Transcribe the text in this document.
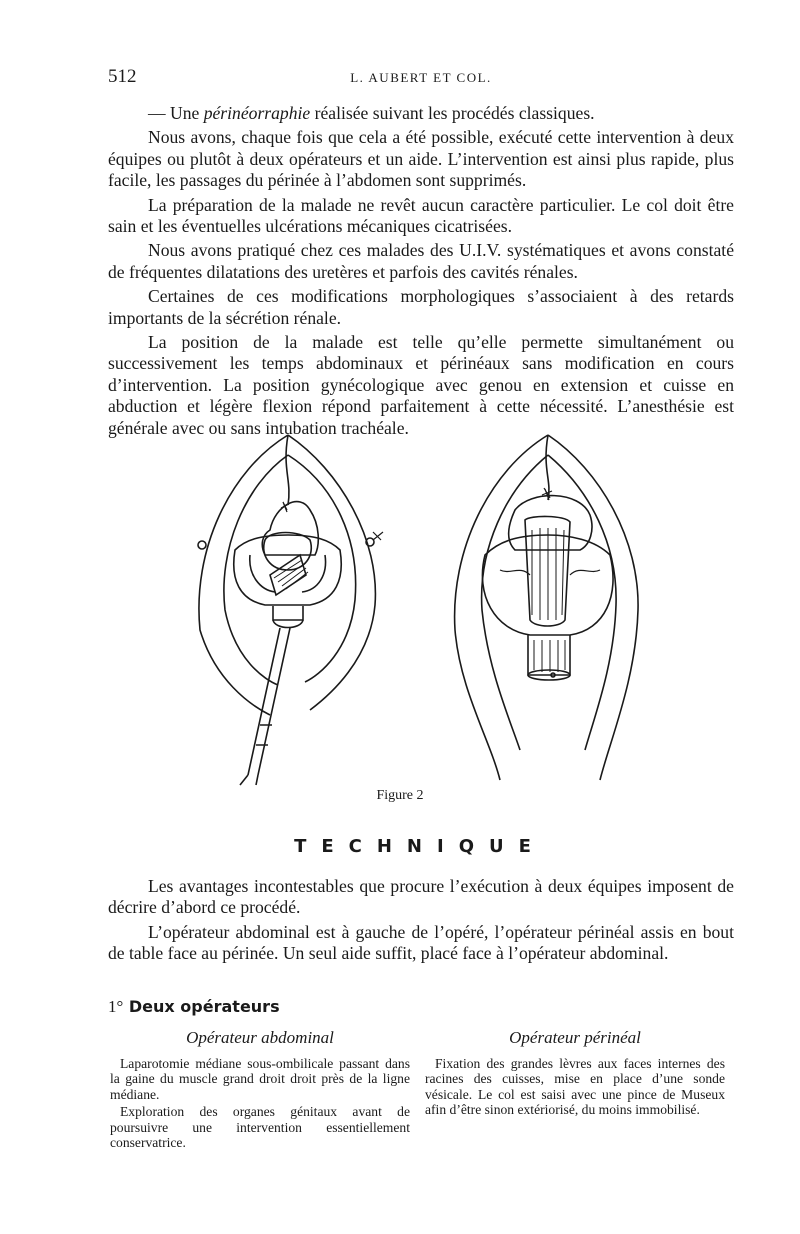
512	L. AUBERT ET COL.

— Une périnéorraphie réalisée suivant les procédés classiques.

Nous avons, chaque fois que cela a été possible, exécuté cette intervention à deux équipes ou plutôt à deux opérateurs et un aide. L’intervention est ainsi plus rapide, plus facile, les passages du périnée à l’abdomen sont supprimés.

La préparation de la malade ne revêt aucun caractère particulier. Le col doit être sain et les éventuelles ulcérations mécaniques cicatrisées.

Nous avons pratiqué chez ces malades des U.I.V. systématiques et avons constaté de fréquentes dilatations des uretères et parfois des cavités rénales.

Certaines de ces modifications morphologiques s’associaient à des retards importants de la sécrétion rénale.

La position de la malade est telle qu’elle permette simultanément ou successivement les temps abdominaux et périnéaux sans modification en cours d’intervention. La position gynécologique avec genou en extension et cuisse en abduction et légère flexion répond parfaitement à cette nécessité. L’anesthésie est générale avec ou sans intubation trachéale.

Figure 2
TECHNIQUE

Les avantages incontestables que procure l’exécution à deux équipes imposent de décrire d’abord ce procédé.

L’opérateur abdominal est à gauche de l’opéré, l’opérateur périnéal assis en bout de table face au périnée. Un seul aide suffit, placé face à l’opérateur abdominal.

1° Deux opérateurs
Opérateur abdominal

Laparotomie médiane sous-ombilicale passant dans la gaine du muscle grand droit droit près de la ligne médiane.

Exploration des organes génitaux avant de poursuivre une intervention essentiellement conservatrice.

Opérateur périnéal

Fixation des grandes lèvres aux faces internes des racines des cuisses, mise en place d’une sonde vésicale. Le col est saisi avec une pince de Museux afin d’être sinon extériorisé, du moins immobilisé.
